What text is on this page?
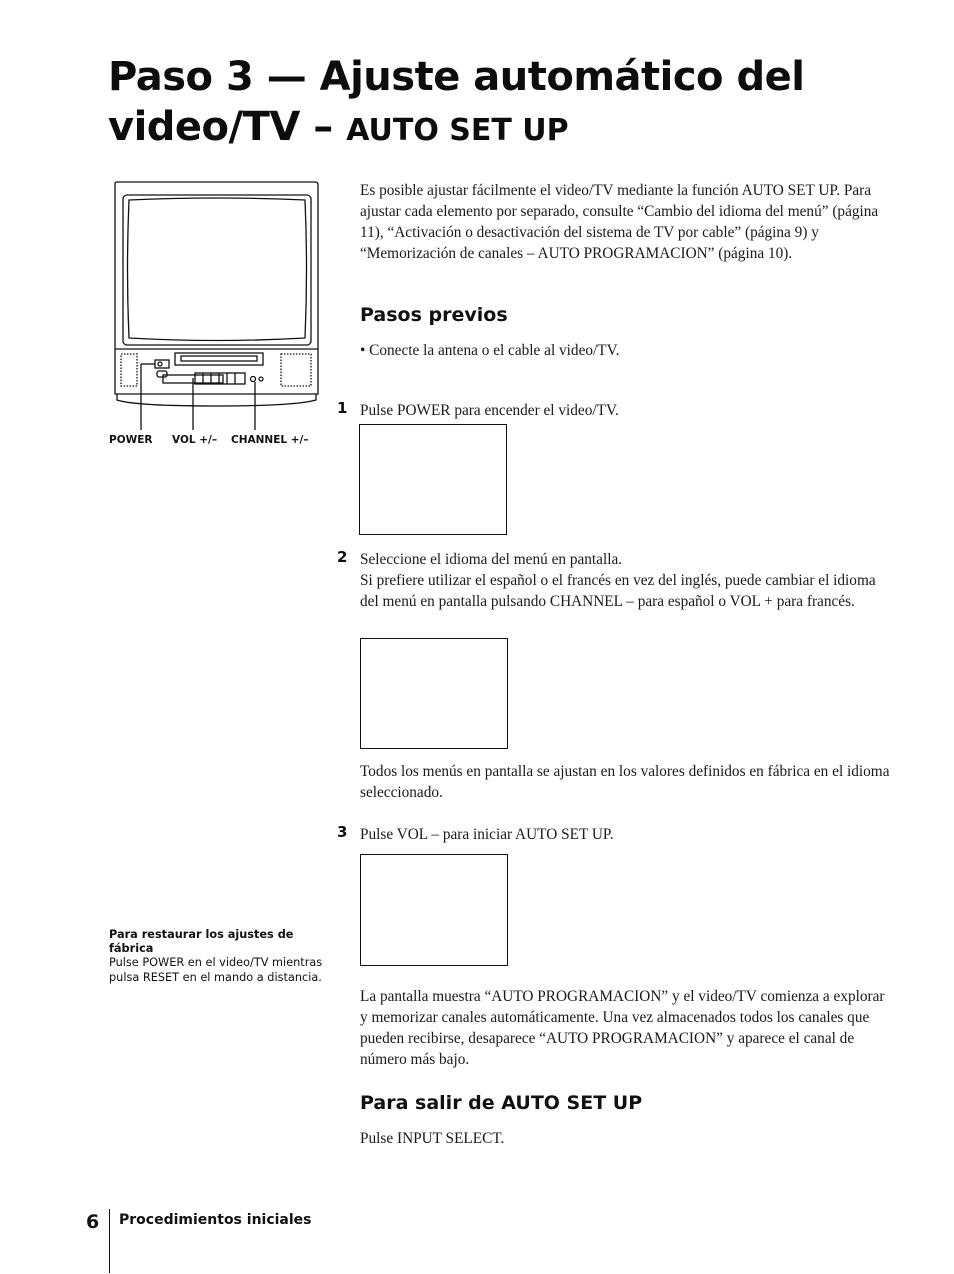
Paso 3 — Ajuste automático del
video/TV – AUTO SET UP
POWER VOL +/– CHANNEL +/–
Es posible ajustar fácilmente el video/TV mediante la función AUTO SET UP. Para ajustar cada elemento por separado, consulte “Cambio del idioma del menú” (página 11), “Activación o desactivación del sistema de TV por cable” (página 9) y “Memorización de canales – AUTO PROGRAMACION” (página 10).
Pasos previos
• Conecte la antena o el cable al video/TV.
1 Pulse POWER para encender el video/TV.
2 Seleccione el idioma del menú en pantalla.
Si prefiere utilizar el español o el francés en vez del inglés, puede cambiar el idioma del menú en pantalla pulsando CHANNEL – para español o VOL + para francés.
Todos los menús en pantalla se ajustan en los valores definidos en fábrica en el idioma seleccionado.
3 Pulse VOL – para iniciar AUTO SET UP.
La pantalla muestra “AUTO PROGRAMACION” y el video/TV comienza a explorar y memorizar canales automáticamente. Una vez almacenados todos los canales que pueden recibirse, desaparece “AUTO PROGRAMACION” y aparece el canal de número más bajo.
Para salir de AUTO SET UP
Pulse INPUT SELECT.
Para restaurar los ajustes de fábrica
Pulse POWER en el video/TV mientras pulsa RESET en el mando a distancia.
6 Procedimientos iniciales
